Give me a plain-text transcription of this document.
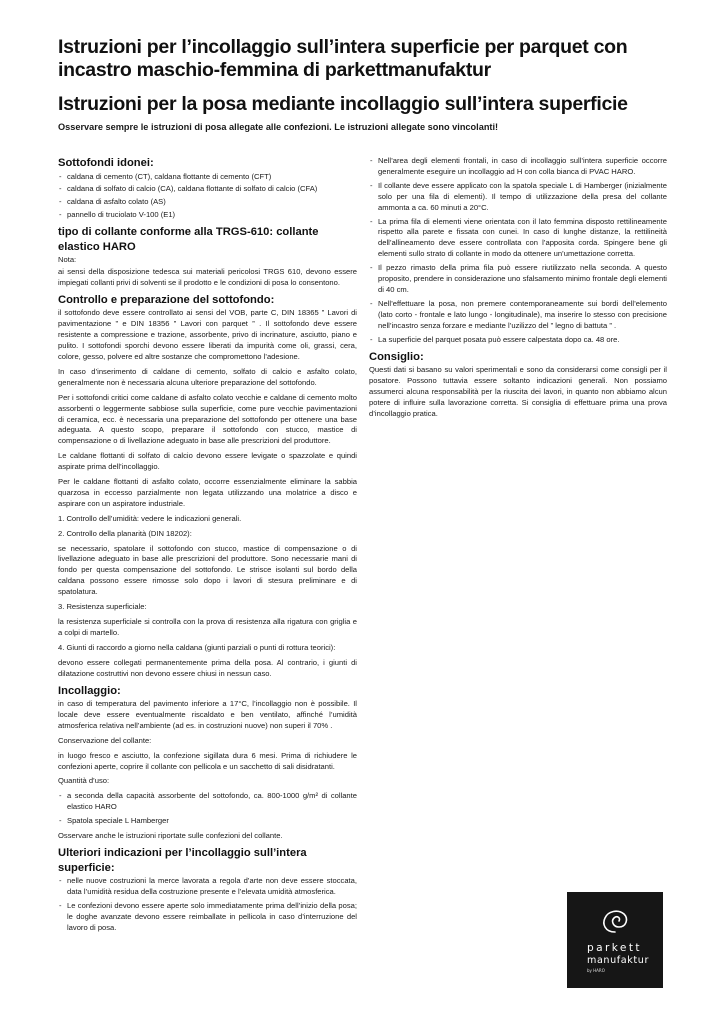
Istruzioni per l’incollaggio sull’intera superficie per parquet con incastro maschio-femmina di parkettmanufaktur
Istruzioni per la posa mediante incollaggio sull’intera superficie
Osservare sempre le istruzioni di posa allegate alle confezioni. Le istruzioni allegate sono vincolanti!
Sottofondi idonei:
- caldana di cemento (CT), caldana flottante di cemento (CFT)
- caldana di solfato di calcio (CA), caldana flottante di solfato di calcio (CFA)
- caldana di asfalto colato (AS)
- pannello di truciolato V-100 (E1)
tipo di collante conforme alla TRGS-610: collante elastico HARO

Nota:

ai sensi della disposizione tedesca sui materiali pericolosi TRGS 610, devono essere impiegati collanti privi di solventi se il prodotto e le condizioni di posa lo consentono.

Controllo e preparazione del sottofondo:

il sottofondo deve essere controllato ai sensi del VOB, parte C, DIN 18365 ” Lavori di pavimentazione ” e DIN 18356 ” Lavori con parquet ” . Il sottofondo deve essere resistente a compressione e trazione, assorbente, privo di incrinature, asciutto, piano e pulito. I sottofondi sporchi devono essere liberati da impurità come oli, grassi, cera, colore, gesso, polvere ed altre sostanze che compromettono l’adesione.

In caso d’inserimento di caldane di cemento, solfato di calcio e asfalto colato, generalmente non è necessaria alcuna ulteriore preparazione del sottofondo.

Per i sottofondi critici come caldane di asfalto colato vecchie e caldane di cemento molto assorbenti o leggermente sabbiose sulla superficie, come pure vecchie pavimentazioni di ceramica, ecc. è necessaria una preparazione del sottofondo per ottenere una base adeguata. A questo scopo, preparare il sottofondo con stucco, mastice di compensazione o di livellazione adeguato in base alle prescrizioni del produttore.

Le caldane flottanti di solfato di calcio devono essere levigate o spazzolate e quindi aspirate prima dell’incollaggio.

Per le caldane flottanti di asfalto colato, occorre essenzialmente eliminare la sabbia quarzosa in eccesso parzialmente non legata utilizzando una molatrice a disco e aspirare con un aspiratore industriale.

1. Controllo dell’umidità: vedere le indicazioni generali.

2. Controllo della planarità (DIN 18202):

se necessario, spatolare il sottofondo con stucco, mastice di compensazione o di livellazione adeguato in base alle prescrizioni del produttore. Sono necessarie mani di fondo per questa compensazione del sottofondo. Le strisce isolanti sul bordo della caldana possono essere rimosse solo dopo i lavori di stesura preliminare e di spatolatura.

3. Resistenza superficiale:

la resistenza superficiale si controlla con la prova di resistenza alla rigatura con griglia e a colpi di martello.

4. Giunti di raccordo a giorno nella caldana (giunti parziali o punti di rottura teorici):

devono essere collegati permanentemente prima della posa. Al contrario, i giunti di dilatazione costruttivi non devono essere chiusi in nessun caso.

Incollaggio:

in caso di temperatura del pavimento inferiore a 17°C, l’incollaggio non è possibile. Il locale deve essere eventualmente riscaldato e ben ventilato, affinché l’umidità atmosferica relativa nell’ambiente (ad es. in costruzioni nuove) non superi il 70% .

Conservazione del collante:

in luogo fresco e asciutto, la confezione sigillata dura 6 mesi. Prima di richiudere le confezioni aperte, coprire il collante con pellicola e un sacchetto di sali disidratanti.

Quantità d’uso:

- a seconda della capacità assorbente del sottofondo, ca. 800-1000 g/m² di collante elastico HARO
- Spatola speciale L Hamberger

Osservare anche le istruzioni riportate sulle confezioni del collante.

Ulteriori indicazioni per l’incollaggio sull’intera superficie:
- nelle nuove costruzioni la merce lavorata a regola d’arte non deve essere stoccata, data l’umidità residua della costruzione presente e l’elevata umidità atmosferica.
- Le confezioni devono essere aperte solo immediatamente prima dell’inizio della posa; le doghe avanzate devono essere reimballate in pellicola in caso d’interruzione del lavoro di posa.
- Nell’area degli elementi frontali, in caso di incollaggio sull’intera superficie occorre generalmente eseguire un incollaggio ad H con colla bianca di PVAC HARO.
- Il collante deve essere applicato con la spatola speciale L di Hamberger (inizialmente solo per una fila di elementi). Il tempo di utilizzazione della presa del collante ammonta a ca. 60 minuti a 20°C.
- La prima fila di elementi viene orientata con il lato femmina disposto rettilineamente rispetto alla parete e fissata con cunei. In caso di lunghe distanze, la rettilineità dell’allineamento deve essere controllata con l’apposita corda. Spingere bene gli elementi sullo strato di collante in modo da ottenere un’umettazione corretta.
- Il pezzo rimasto della prima fila può essere riutilizzato nella seconda. A questo proposito, prendere in considerazione uno sfalsamento minimo frontale degli elementi di 40 cm.
- Nell’effettuare la posa, non premere contemporaneamente sui bordi dell’elemento (lato corto - frontale e lato lungo - longitudinale), ma inserire lo stesso con precisione nell’incastro senza forzare e mediante l’uzilizzo del ” legno di battuta ” .
- La superficie del parquet posata può essere calpestata dopo ca. 48 ore.
Consiglio:

Questi dati si basano su valori sperimentali e sono da considerarsi come consigli per il posatore. Possono tuttavia essere soltanto indicazioni generali. Non possiamo assumerci alcuna responsabilità per la riuscita dei lavori, in quanto non abbiamo alcun potere di influire sulla lavorazione corretta. Si consiglia di effettuare prima una prova d’incollaggio pratica.

parkett
manufaktur
by HARO
